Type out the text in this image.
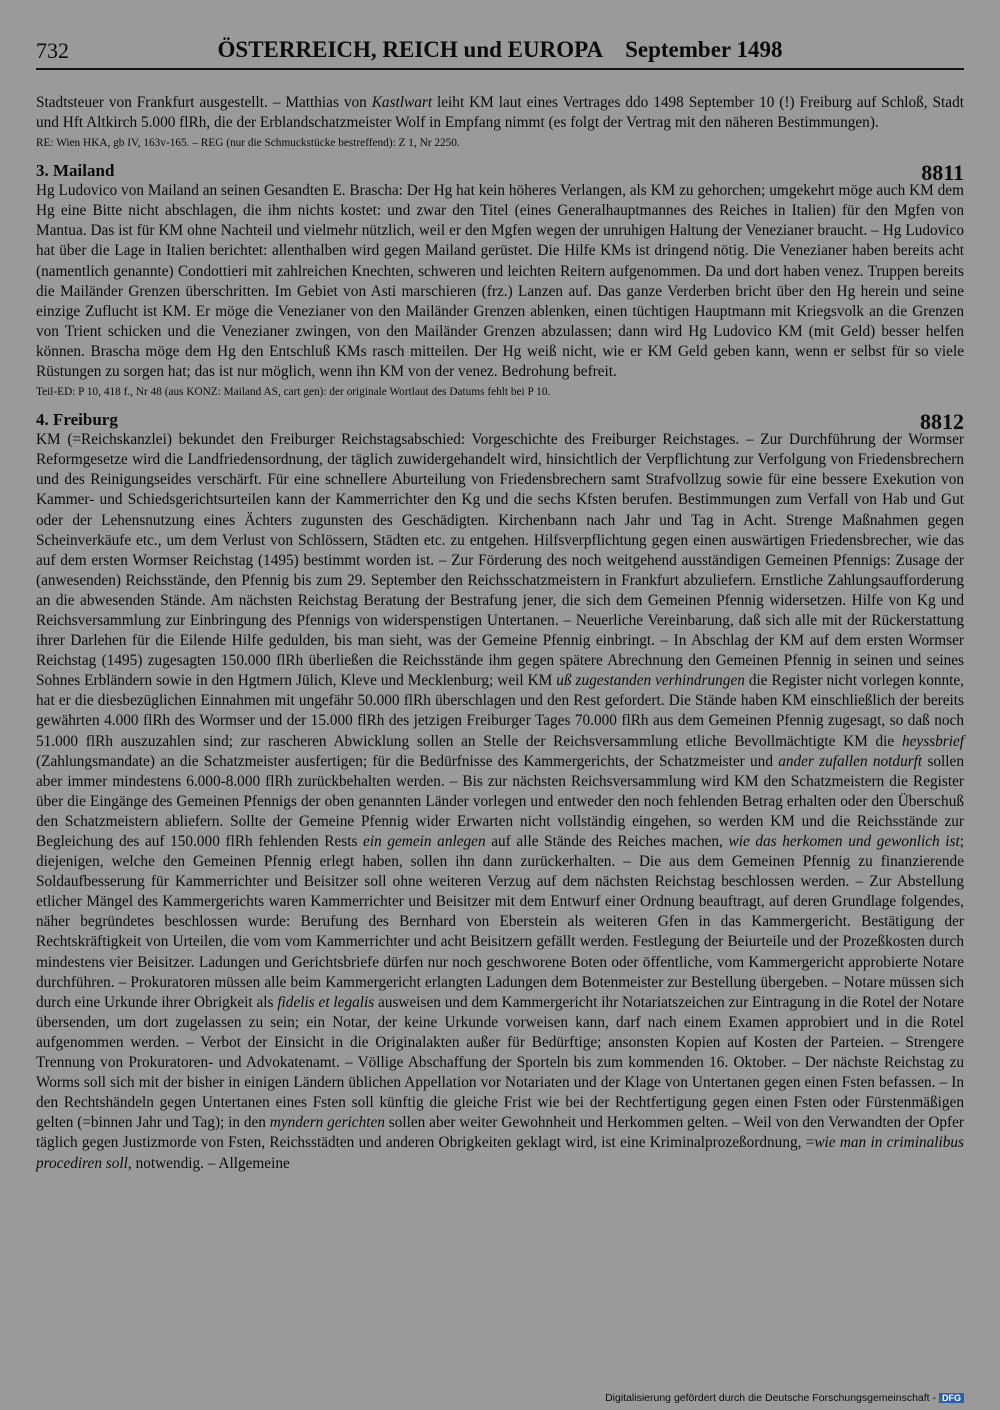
732	ÖSTERREICH, REICH und EUROPA September 1498

Stadtsteuer von Frankfurt ausgestellt. – Matthias von Kastlwart leiht KM laut eines Vertrages ddo 1498 September 10 (!) Freiburg auf Schloß, Stadt und Hft Altkirch 5.000 flRh, die der Erblandschatzmeister Wolf in Empfang nimmt (es folgt der Vertrag mit den näheren Bestimmungen).

RE: Wien HKA, gb IV, 163v-165. – REG (nur die Schmuckstücke bestreffend): Z 1, Nr 2250.

3. Mailand	8811

Hg Ludovico von Mailand an seinen Gesandten E. Brascha: Der Hg hat kein höheres Verlangen, als KM zu gehorchen; umgekehrt möge auch KM dem Hg eine Bitte nicht abschlagen, die ihm nichts kostet: und zwar den Titel (eines Generalhauptmannes des Reiches in Italien) für den Mgfen von Mantua. Das ist für KM ohne Nachteil und vielmehr nützlich, weil er den Mgfen wegen der unruhigen Haltung der Venezianer braucht. – Hg Ludovico hat über die Lage in Italien berichtet: allenthalben wird gegen Mailand gerüstet. Die Hilfe KMs ist dringend nötig. Die Venezianer haben bereits acht (namentlich genannte) Condottieri mit zahlreichen Knechten, schweren und leichten Reitern aufgenommen. Da und dort haben venez. Truppen bereits die Mailänder Grenzen überschritten. Im Gebiet von Asti marschieren (frz.) Lanzen auf. Das ganze Verderben bricht über den Hg herein und seine einzige Zuflucht ist KM. Er möge die Venezianer von den Mailänder Grenzen ablenken, einen tüchtigen Hauptmann mit Kriegsvolk an die Grenzen von Trient schicken und die Venezianer zwingen, von den Mailänder Grenzen abzulassen; dann wird Hg Ludovico KM (mit Geld) besser helfen können. Brascha möge dem Hg den Entschluß KMs rasch mitteilen. Der Hg weiß nicht, wie er KM Geld geben kann, wenn er selbst für so viele Rüstungen zu sorgen hat; das ist nur möglich, wenn ihn KM von der venez. Bedrohung befreit.

Teil-ED: P 10, 418 f., Nr 48 (aus KONZ: Mailand AS, cart gen): der originale Wortlaut des Datums fehlt bei P 10.

4. Freiburg	8812

KM (=Reichskanzlei) bekundet den Freiburger Reichstagsabschied: Vorgeschichte des Freiburger Reichstages. – Zur Durchführung der Wormser Reformgesetze wird die Landfriedensordnung, der täglich zuwidergehandelt wird, hinsichtlich der Verpflichtung zur Verfolgung von Friedensbrechern und des Reinigungseides verschärft. Für eine schnellere Aburteilung von Friedensbrechern samt Strafvollzug sowie für eine bessere Exekution von Kammer- und Schiedsgerichtsurteilen kann der Kammerrichter den Kg und die sechs Kfsten berufen. Bestimmungen zum Verfall von Hab und Gut oder der Lehensnutzung eines Ächters zugunsten des Geschädigten. Kirchenbann nach Jahr und Tag in Acht. Strenge Maßnahmen gegen Scheinverkäufe etc., um dem Verlust von Schlössern, Städten etc. zu entgehen. Hilfsverpflichtung gegen einen auswärtigen Friedensbrecher, wie das auf dem ersten Wormser Reichstag (1495) bestimmt worden ist. – Zur Förderung des noch weitgehend ausständigen Gemeinen Pfennigs: Zusage der (anwesenden) Reichsstände, den Pfennig bis zum 29. September den Reichsschatzmeistern in Frankfurt abzuliefern. Ernstliche Zahlungsaufforderung an die abwesenden Stände. Am nächsten Reichstag Beratung der Bestrafung jener, die sich dem Gemeinen Pfennig widersetzen. Hilfe von Kg und Reichsversammlung zur Einbringung des Pfennigs von widerspenstigen Untertanen. – Neuerliche Vereinbarung, daß sich alle mit der Rückerstattung ihrer Darlehen für die Eilende Hilfe gedulden, bis man sieht, was der Gemeine Pfennig einbringt. – In Abschlag der KM auf dem ersten Wormser Reichstag (1495) zugesagten 150.000 flRh überließen die Reichsstände ihm gegen spätere Abrechnung den Gemeinen Pfennig in seinen und seines Sohnes Erbländern sowie in den Hgtmern Jülich, Kleve und Mecklenburg; weil KM uß zugestanden verhindrungen die Register nicht vorlegen konnte, hat er die diesbezüglichen Einnahmen mit ungefähr 50.000 flRh überschlagen und den Rest gefordert. Die Stände haben KM einschließlich der bereits gewährten 4.000 flRh des Wormser und der 15.000 flRh des jetzigen Freiburger Tages 70.000 flRh aus dem Gemeinen Pfennig zugesagt, so daß noch 51.000 flRh auszuzahlen sind; zur rascheren Abwicklung sollen an Stelle der Reichsversammlung etliche Bevollmächtigte KM die heyssbrief (Zahlungsmandate) an die Schatzmeister ausfertigen; für die Bedürfnisse des Kammergerichts, der Schatzmeister und ander zufallen notdurft sollen aber immer mindestens 6.000-8.000 flRh zurückbehalten werden. – Bis zur nächsten Reichsversammlung wird KM den Schatzmeistern die Register über die Eingänge des Gemeinen Pfennigs der oben genannten Länder vorlegen und entweder den noch fehlenden Betrag erhalten oder den Überschuß den Schatzmeistern abliefern. Sollte der Gemeine Pfennig wider Erwarten nicht vollständig eingehen, so werden KM und die Reichsstände zur Begleichung des auf 150.000 flRh fehlenden Rests ein gemein anlegen auf alle Stände des Reiches machen, wie das herkomen und gewonlich ist; diejenigen, welche den Gemeinen Pfennig erlegt haben, sollen ihn dann zurückerhalten. – Die aus dem Gemeinen Pfennig zu finanzierende Soldaufbesserung für Kammerrichter und Beisitzer soll ohne weiteren Verzug auf dem nächsten Reichstag beschlossen werden. – Zur Abstellung etlicher Mängel des Kammergerichts waren Kammerrichter und Beisitzer mit dem Entwurf einer Ordnung beauftragt, auf deren Grundlage folgendes, näher begründetes beschlossen wurde: Berufung des Bernhard von Eberstein als weiteren Gfen in das Kammergericht. Bestätigung der Rechtskräftigkeit von Urteilen, die vom vom Kammerrichter und acht Beisitzern gefällt werden. Festlegung der Beiurteile und der Prozeßkosten durch mindestens vier Beisitzer. Ladungen und Gerichtsbriefe dürfen nur noch geschworene Boten oder öffentliche, vom Kammergericht approbierte Notare durchführen. – Prokuratoren müssen alle beim Kammergericht erlangten Ladungen dem Botenmeister zur Bestellung übergeben. – Notare müssen sich durch eine Urkunde ihrer Obrigkeit als fidelis et legalis ausweisen und dem Kammergericht ihr Notariatszeichen zur Eintragung in die Rotel der Notare übersenden, um dort zugelassen zu sein; ein Notar, der keine Urkunde vorweisen kann, darf nach einem Examen approbiert und in die Rotel aufgenommen werden. – Verbot der Einsicht in die Originalakten außer für Bedürftige; ansonsten Kopien auf Kosten der Parteien. – Strengere Trennung von Prokuratoren- und Advokatenamt. – Völlige Abschaffung der Sporteln bis zum kommenden 16. Oktober. – Der nächste Reichstag zu Worms soll sich mit der bisher in einigen Ländern üblichen Appellation vor Notariaten und der Klage von Untertanen gegen einen Fsten befassen. – In den Rechtshändeln gegen Untertanen eines Fsten soll künftig die gleiche Frist wie bei der Rechtfertigung gegen einen Fsten oder Fürstenmäßigen gelten (=binnen Jahr und Tag); in den myndern gerichten sollen aber weiter Gewohnheit und Herkommen gelten. – Weil von den Verwandten der Opfer täglich gegen Justizmorde von Fsten, Reichsstädten und anderen Obrigkeiten geklagt wird, ist eine Kriminalprozeßordnung, =wie man in criminalibus procediren soll, notwendig. – Allgemeine

Digitalisierung gefördert durch die Deutsche Forschungsgemeinschaft - DFG
